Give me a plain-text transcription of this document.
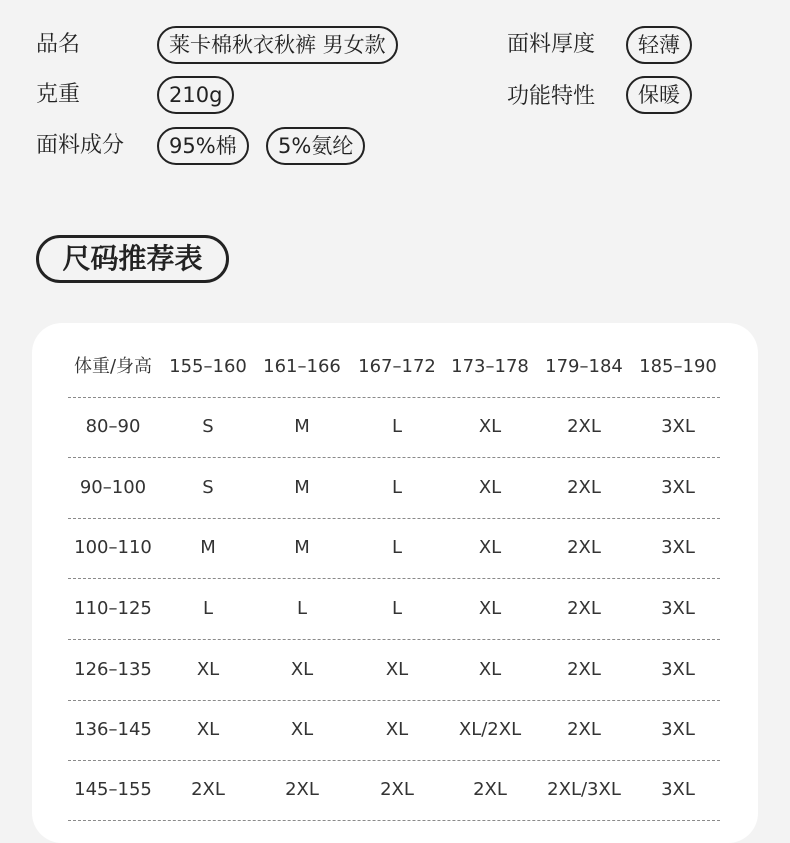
品名	莱卡棉秋衣秋裤 男女款
克重	210g
面料成分	95%棉	5%氨纶
面料厚度	轻薄
功能特性	保暖
尺码推荐表
体重/身高 155–160 161–166 167–172 173–178 179–184 185–190
80–90	S	M	L	XL	2XL	3XL
90–100	S	M	L	XL	2XL	3XL
100–110	M	M	L	XL	2XL	3XL
110–125	L	L	L	XL	2XL	3XL
126–135	XL	XL	XL	XL	2XL	3XL
136–145	XL	XL	XL	XL/2XL	2XL	3XL
145–155	2XL	2XL	2XL	2XL	2XL/3XL	3XL
